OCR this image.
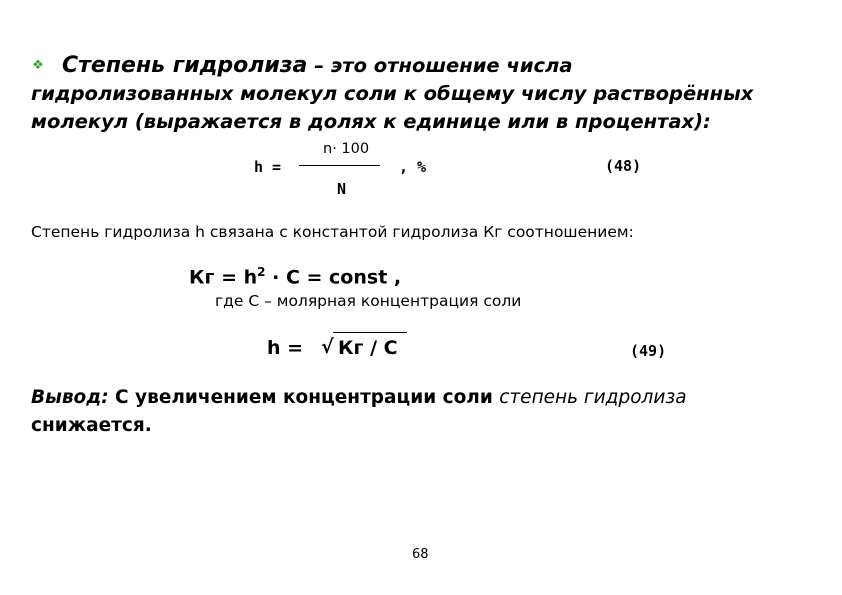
❖ Степень гидролиза – это отношение числа
гидролизованных молекул соли к общему числу растворённых
молекул (выражается в долях к единице или в процентах):
h =
n· 100
N
, %	(48)
Степень гидролиза h связана с константой гидролиза Кг соотношением:
Кг = $h^2 \cdot C$ = const ,
где С – молярная концентрация соли
h = √ Кг / С	(49)
Вывод: С увеличением концентрации соли степень гидролиза
снижается.
68
